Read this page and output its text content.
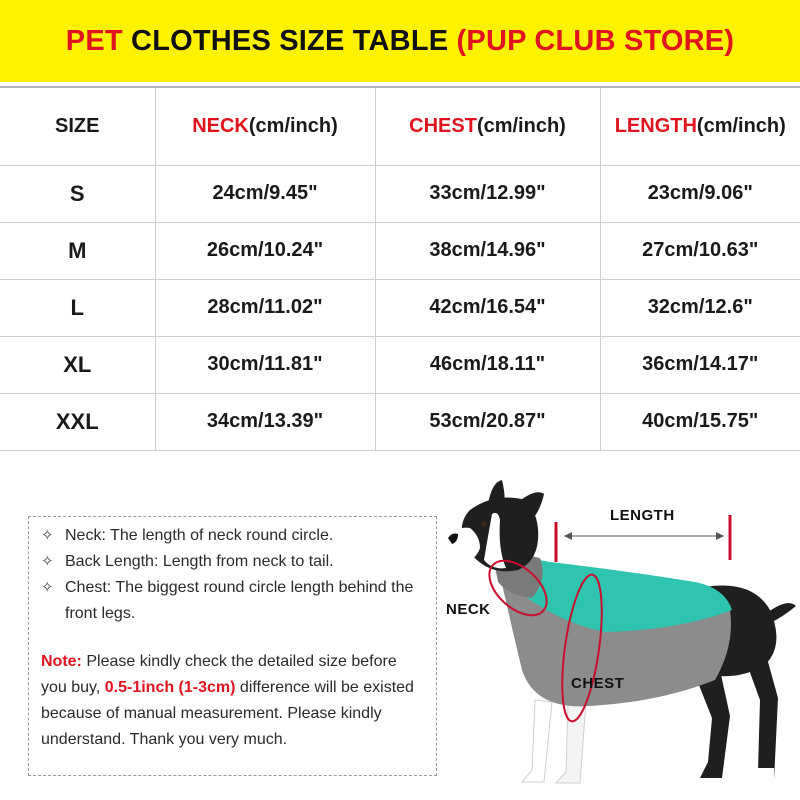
PET CLOTHES SIZE TABLE (PUP CLUB STORE)
SIZE	NECK(cm/inch)	CHEST(cm/inch)	LENGTH(cm/inch)
S	24cm/9.45"	33cm/12.99"	23cm/9.06"
M	26cm/10.24"	38cm/14.96"	27cm/10.63"
L	28cm/11.02"	42cm/16.54"	32cm/12.6"
XL	30cm/11.81"	46cm/18.11"	36cm/14.17"
XXL	34cm/13.39"	53cm/20.87"	40cm/15.75"
✧ Neck: The length of neck round circle.
✧ Back Length: Length from neck to tail.
✧ Chest: The biggest round circle length behind the front legs.
Note: Please kindly check the detailed size before you buy, 0.5-1inch (1-3cm) difference will be existed because of manual measurement. Please kindly understand. Thank you very much.
LENGTH
NECK
CHEST
